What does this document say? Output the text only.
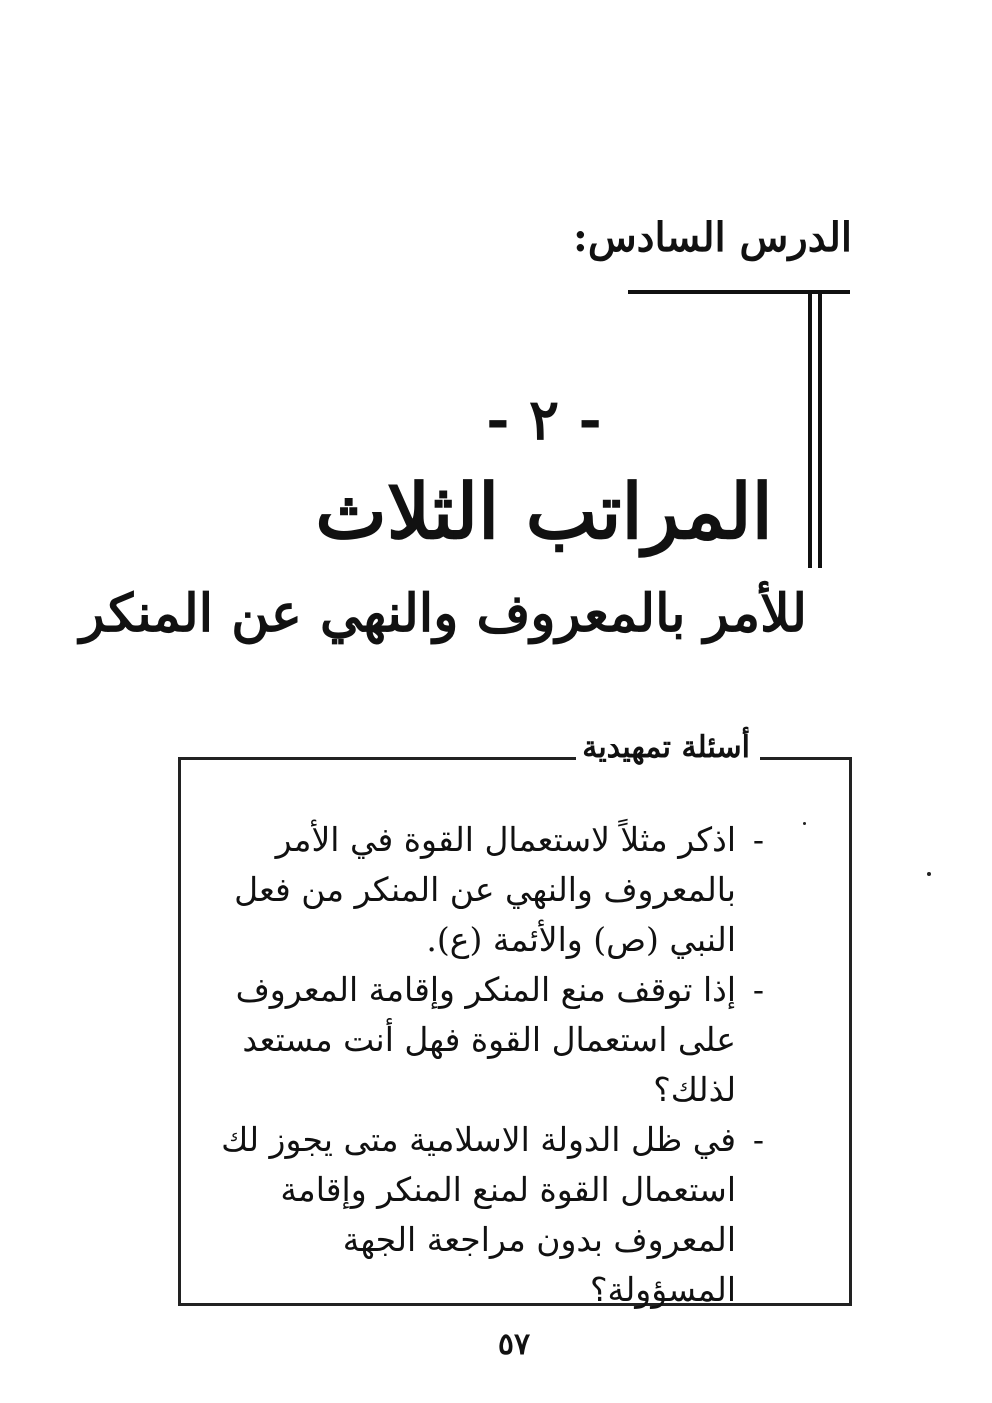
الدرس السادس:
- ٢ -
المراتب الثلاث
للأمر بالمعروف والنهي عن المنكر
أسئلة تمهيدية

-
اذكر مثلاً لاستعمال القوة في الأمر بالمعروف والنهي عن المنكر من فعل النبي (ص) والأئمة (ع).

-
إذا توقف منع المنكر وإقامة المعروف على استعمال القوة فهل أنت مستعد لذلك؟

-
في ظل الدولة الاسلامية متى يجوز لك استعمال القوة لمنع المنكر وإقامة المعروف بدون مراجعة الجهة المسؤولة؟

٥٧
